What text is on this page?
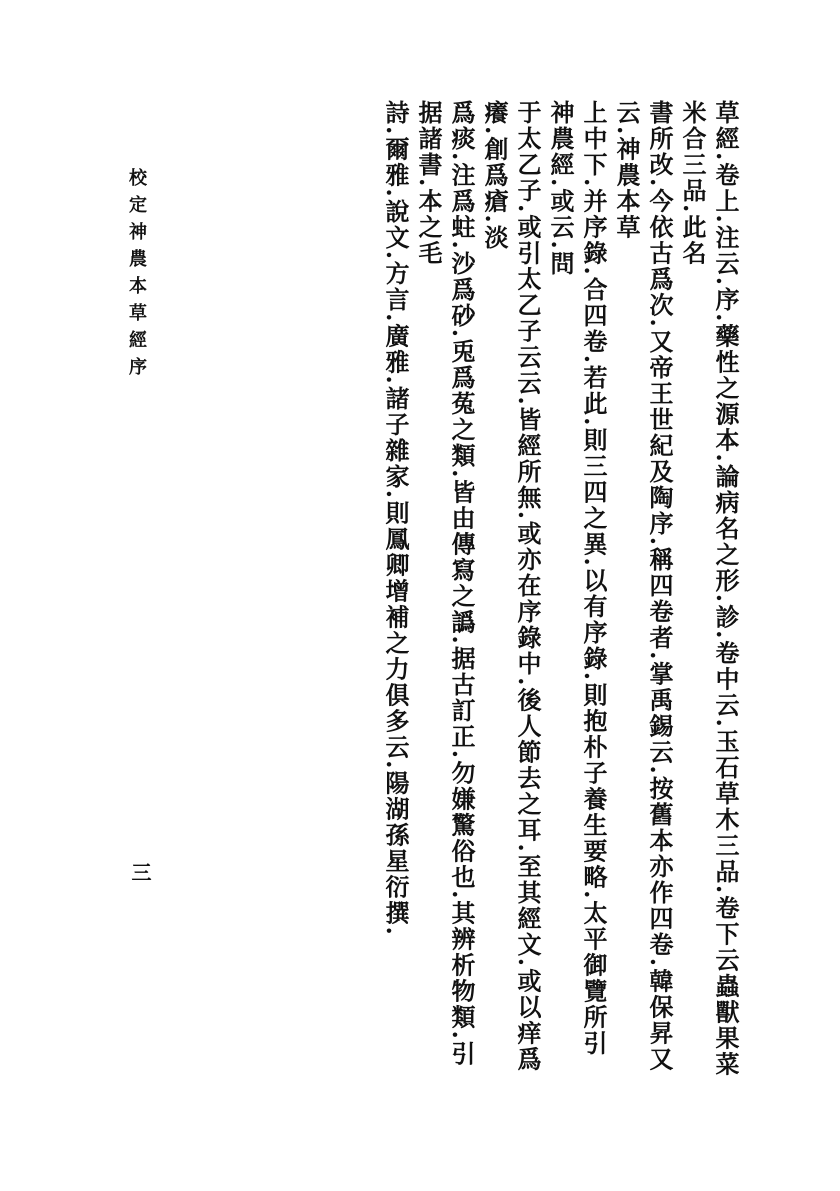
校定神農本草經序	草經.卷上.注云.序.藥性之源本.論病名之形.診.卷中云.玉石草木三品.卷下云蟲獸果菜米合三品.此名
書所改.今依古爲次.又帝王世紀及陶序.稱四卷者.掌禹錫云.按舊本亦作四卷.韓保昇又云.神農本草
上中下.并序錄.合四卷.若此.則三四之異.以有序錄.則抱朴子養生要略.太平御覽所引神農經.或云.問
于太乙子.或引太乙子云云.皆經所無.或亦在序錄中.後人節去之耳.至其經文.或以痒爲癢.創爲瘡.淡
爲痰.注爲蛀.沙爲砂.兎爲菟之類.皆由傳寫之譌.据古訂正.勿嫌驚俗也.其辨析物類.引据諸書.本之毛
詩.爾雅.說文.方言.廣雅.諸子雜家.則鳳卿增補之力俱多云.陽湖孫星衍撰.
三
